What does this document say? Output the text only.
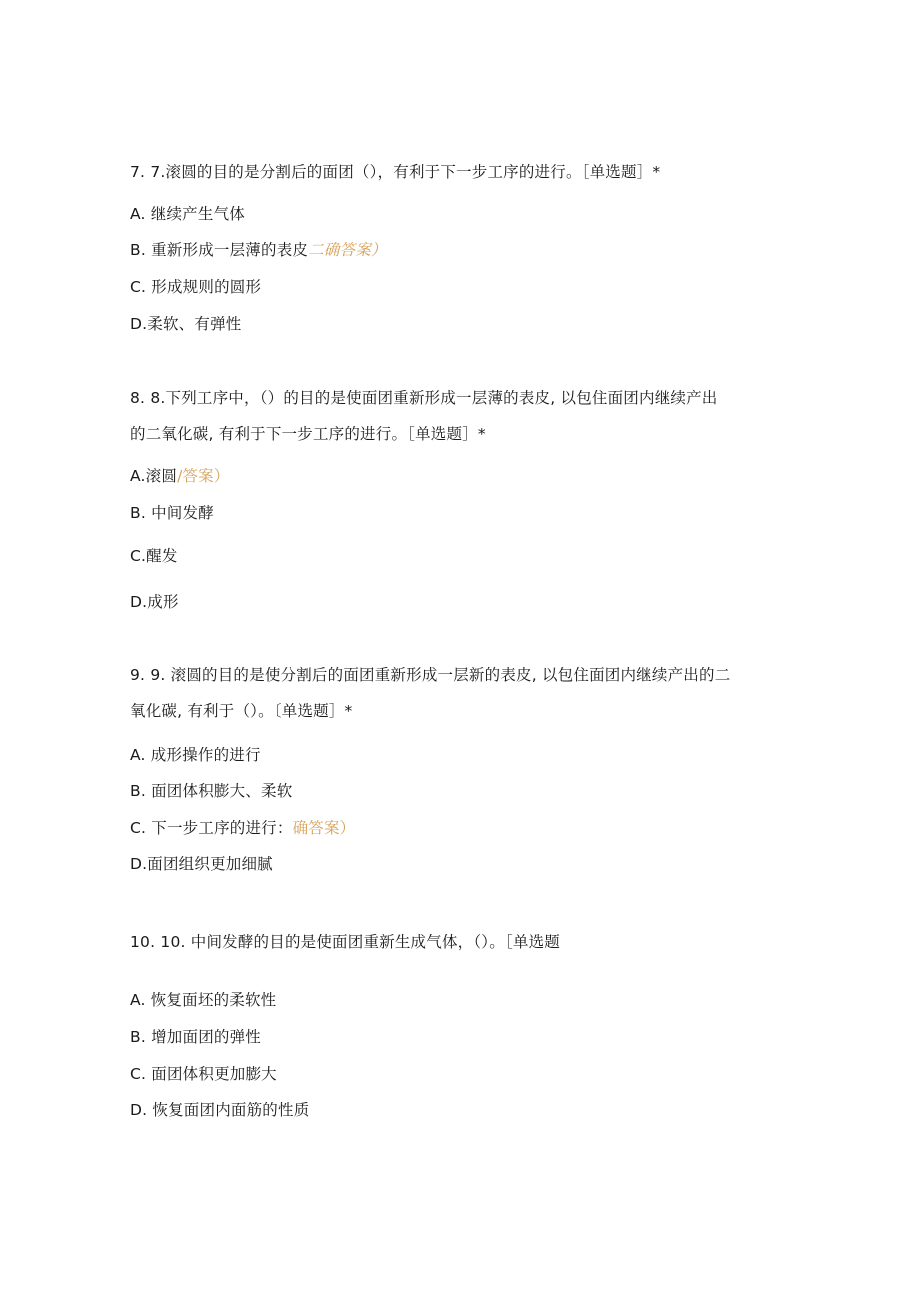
7. 7.滚圆的目的是分割后的面团（），有利于下一步工序的进行。［单选题］*
A. 继续产生气体
B. 重新形成一层薄的表皮二确答案）
C. 形成规则的圆形
D.柔软、有弹性
8. 8.下列工序中，（）的目的是使面团重新形成一层薄的表皮, 以包住面团内继续产出
的二氧化碳, 有利于下一步工序的进行。［单选题］*
A.滚圆/答案）
B. 中间发酵
C.醒发
D.成形
9. 9. 滚圆的目的是使分割后的面团重新形成一层新的表皮, 以包住面团内继续产出的二
氧化碳, 有利于（）。〔单选题］*
A. 成形操作的进行
B. 面团体积膨大、柔软
C. 下一步工序的进行：确答案）
D.面团组织更加细腻
10. 10. 中间发酵的目的是使面团重新生成气体，（）。［单选题
A. 恢复面坯的柔软性
B. 增加面团的弹性
C. 面团体积更加膨大
D. 恢复面团内面筋的性质
